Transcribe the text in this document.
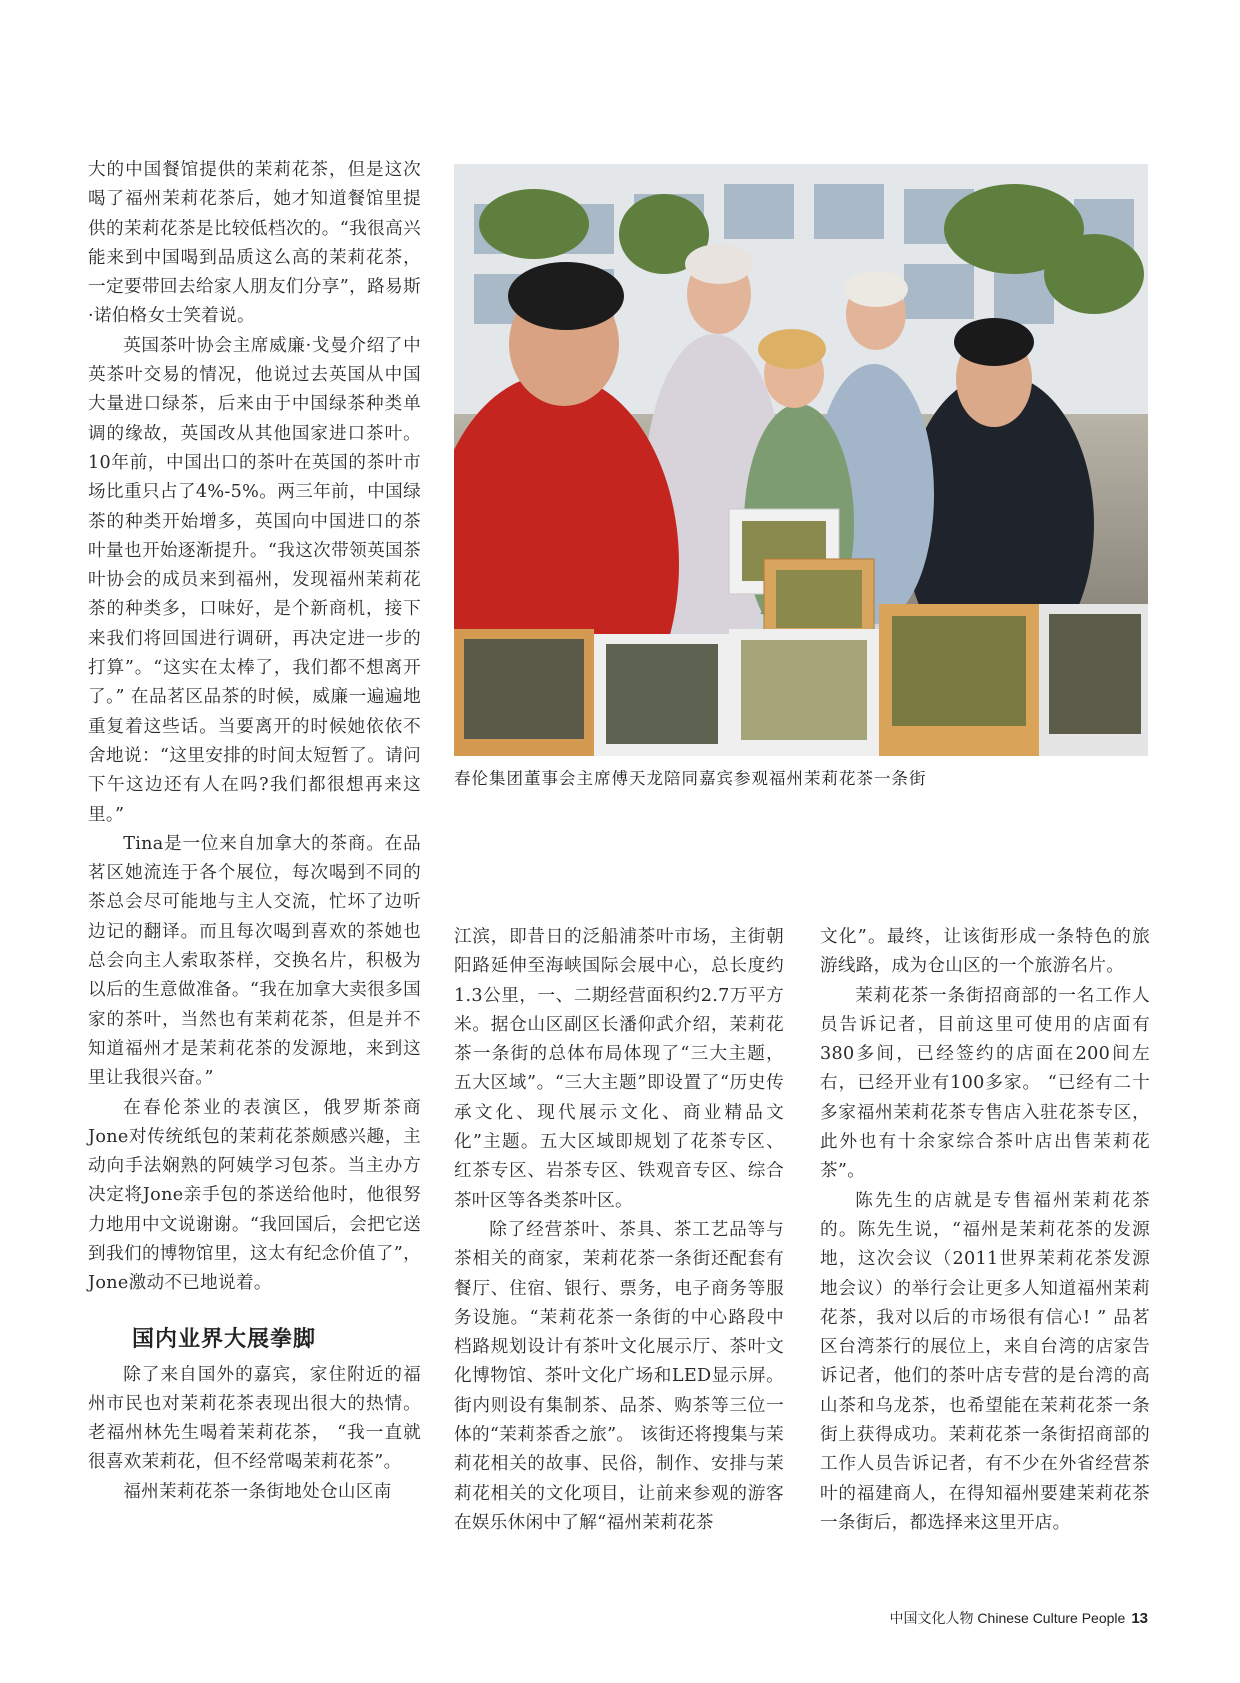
大的中国餐馆提供的茉莉花茶，但是这次喝了福州茉莉花茶后，她才知道餐馆里提供的茉莉花茶是比较低档次的。“我很高兴能来到中国喝到品质这么高的茉莉花茶，一定要带回去给家人朋友们分享”，路易斯·诺伯格女士笑着说。

英国茶叶协会主席威廉·戈曼介绍了中英茶叶交易的情况，他说过去英国从中国大量进口绿茶，后来由于中国绿茶种类单调的缘故，英国改从其他国家进口茶叶。10年前，中国出口的茶叶在英国的茶叶市场比重只占了4%-5%。两三年前，中国绿茶的种类开始增多，英国向中国进口的茶叶量也开始逐渐提升。“我这次带领英国茶叶协会的成员来到福州，发现福州茉莉花茶的种类多，口味好，是个新商机，接下来我们将回国进行调研，再决定进一步的打算”。“这实在太棒了，我们都不想离开了。” 在品茗区品茶的时候，威廉一遍遍地重复着这些话。当要离开的时候她依依不舍地说：“这里安排的时间太短暂了。请问下午这边还有人在吗?我们都很想再来这里。”

Tina是一位来自加拿大的茶商。在品茗区她流连于各个展位，每次喝到不同的茶总会尽可能地与主人交流，忙坏了边听边记的翻译。而且每次喝到喜欢的茶她也总会向主人索取茶样，交换名片，积极为以后的生意做准备。“我在加拿大卖很多国家的茶叶，当然也有茉莉花茶，但是并不知道福州才是茉莉花茶的发源地，来到这里让我很兴奋。”

在春伦茶业的表演区，俄罗斯茶商Jone对传统纸包的茉莉花茶颇感兴趣，主动向手法娴熟的阿姨学习包茶。当主办方决定将Jone亲手包的茶送给他时，他很努力地用中文说谢谢。“我回国后，会把它送到我们的博物馆里，这太有纪念价值了”，Jone激动不已地说着。

国内业界大展拳脚

除了来自国外的嘉宾，家住附近的福州市民也对茉莉花茶表现出很大的热情。老福州林先生喝着茉莉花茶， “我一直就很喜欢茉莉花，但不经常喝茉莉花茶”。

福州茉莉花茶一条街地处仓山区南

春伦集团董事会主席傅天龙陪同嘉宾参观福州茉莉花茶一条街

江滨，即昔日的泛船浦茶叶市场，主街朝阳路延伸至海峡国际会展中心，总长度约1.3公里，一、二期经营面积约2.7万平方米。据仓山区副区长潘仰武介绍，茉莉花茶一条街的总体布局体现了“三大主题，五大区域”。“三大主题”即设置了“历史传承文化、现代展示文化、商业精品文化”主题。五大区域即规划了花茶专区、红茶专区、岩茶专区、铁观音专区、综合茶叶区等各类茶叶区。

除了经营茶叶、茶具、茶工艺品等与茶相关的商家，茉莉花茶一条街还配套有餐厅、住宿、银行、票务，电子商务等服务设施。“茉莉花茶一条街的中心路段中档路规划设计有茶叶文化展示厅、茶叶文化博物馆、茶叶文化广场和LED显示屏。街内则设有集制茶、品茶、购茶等三位一体的“茉莉茶香之旅”。 该街还将搜集与茉莉花相关的故事、民俗，制作、安排与茉莉花相关的文化项目，让前来参观的游客在娱乐休闲中了解“福州茉莉花茶

文化”。最终，让该街形成一条特色的旅游线路，成为仓山区的一个旅游名片。

茉莉花茶一条街招商部的一名工作人员告诉记者，目前这里可使用的店面有380多间，已经签约的店面在200间左右，已经开业有100多家。 “已经有二十多家福州茉莉花茶专售店入驻花茶专区，此外也有十余家综合茶叶店出售茉莉花茶”。

陈先生的店就是专售福州茉莉花茶的。陈先生说，“福州是茉莉花茶的发源地，这次会议（2011世界茉莉花茶发源地会议）的举行会让更多人知道福州茉莉花茶，我对以后的市场很有信心! ” 品茗区台湾茶行的展位上，来自台湾的店家告诉记者，他们的茶叶店专营的是台湾的高山茶和乌龙茶，也希望能在茉莉花茶一条街上获得成功。茉莉花茶一条街招商部的工作人员告诉记者，有不少在外省经营茶叶的福建商人，在得知福州要建茉莉花茶一条街后，都选择来这里开店。

中国文化人物 Chinese Culture People 13
